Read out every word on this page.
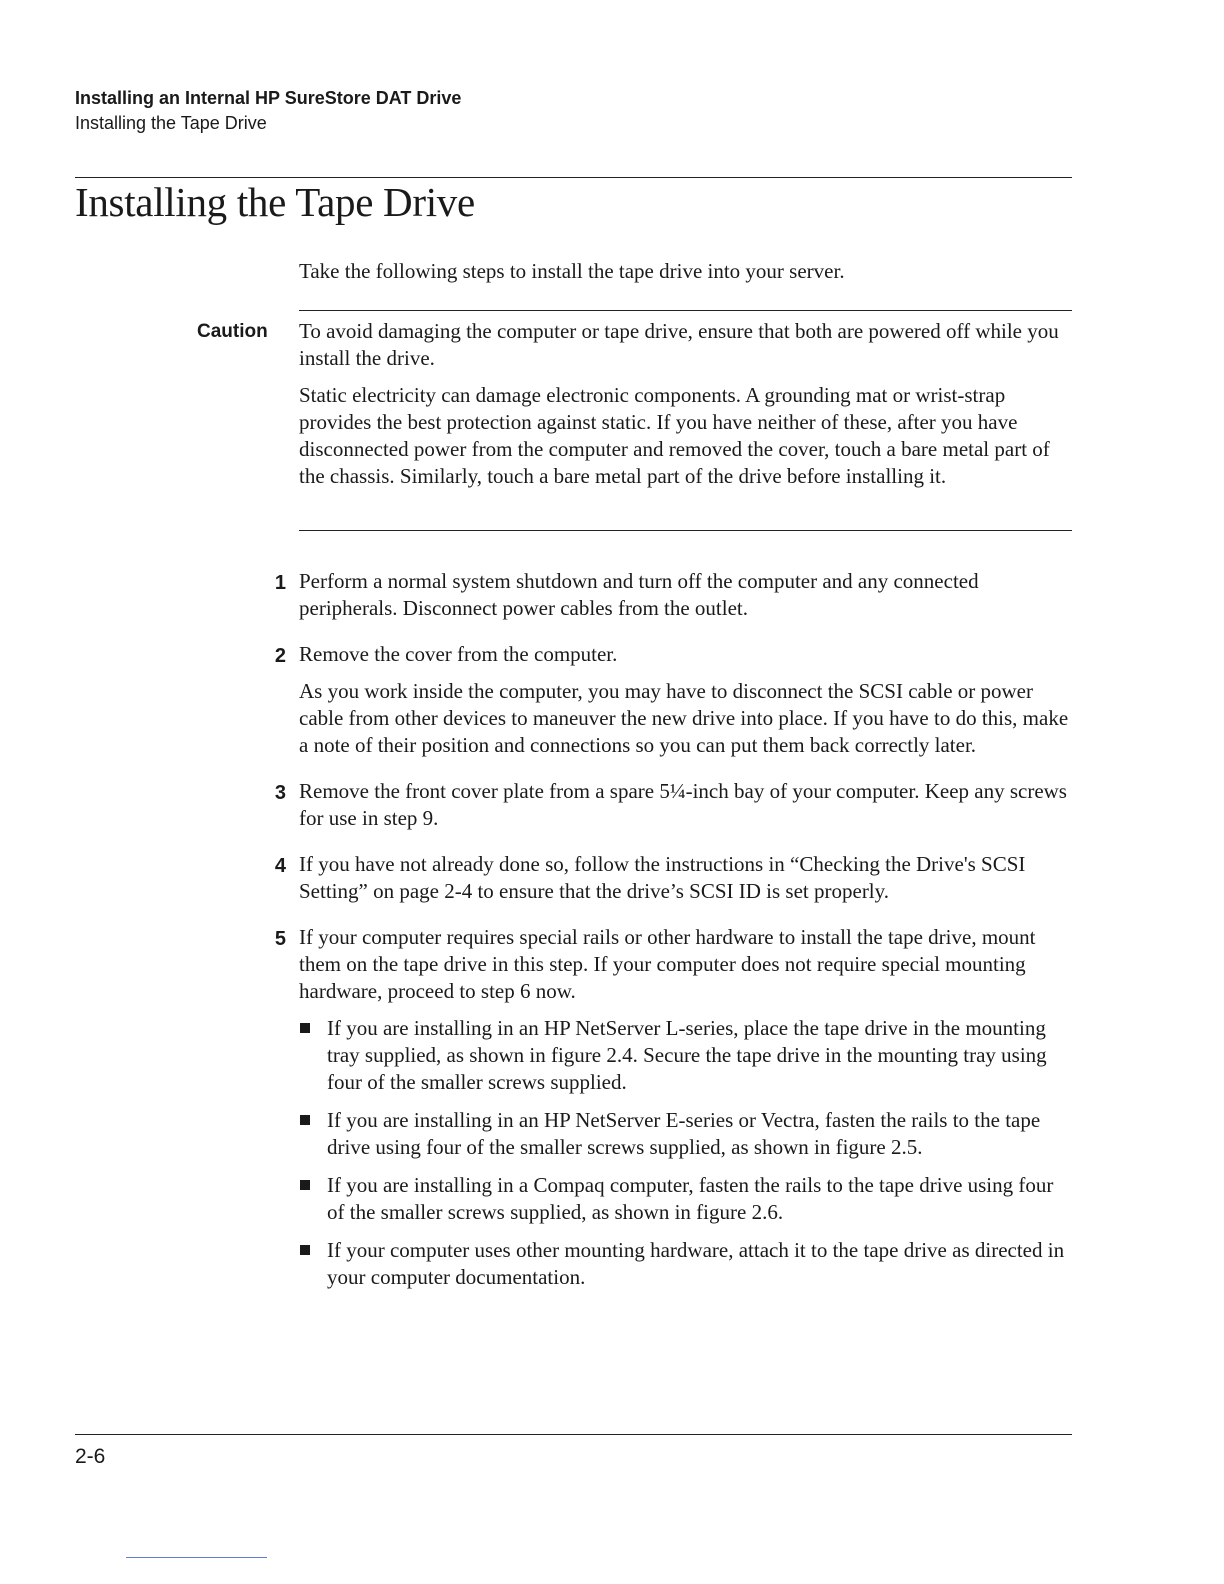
Installing an Internal HP SureStore DAT Drive
Installing the Tape Drive
Installing the Tape Drive
Take the following steps to install the tape drive into your server.
Caution To avoid damaging the computer or tape drive, ensure that both are powered off while you install the drive.

Static electricity can damage electronic components. A grounding mat or wrist-strap provides the best protection against static. If you have neither of these, after you have disconnected power from the computer and removed the cover, touch a bare metal part of the chassis. Similarly, touch a bare metal part of the drive before installing it.

1 Perform a normal system shutdown and turn off the computer and any connected peripherals. Disconnect power cables from the outlet.

2 Remove the cover from the computer.

As you work inside the computer, you may have to disconnect the SCSI cable or power cable from other devices to maneuver the new drive into place. If you have to do this, make a note of their position and connections so you can put them back correctly later.

3 Remove the front cover plate from a spare 5¼-inch bay of your computer. Keep any screws for use in step 9.

4 If you have not already done so, follow the instructions in “Checking the Drive's SCSI Setting” on page 2-4 to ensure that the drive’s SCSI ID is set properly.

5 If your computer requires special rails or other hardware to install the tape drive, mount them on the tape drive in this step. If your computer does not require special mounting hardware, proceed to step 6 now.

If you are installing in an HP NetServer L-series, place the tape drive in the mounting tray supplied, as shown in figure 2.4. Secure the tape drive in the mounting tray using four of the smaller screws supplied.
If you are installing in an HP NetServer E-series or Vectra, fasten the rails to the tape drive using four of the smaller screws supplied, as shown in figure 2.5.
If you are installing in a Compaq computer, fasten the rails to the tape drive using four of the smaller screws supplied, as shown in figure 2.6.
If your computer uses other mounting hardware, attach it to the tape drive as directed in your computer documentation.
2-6
